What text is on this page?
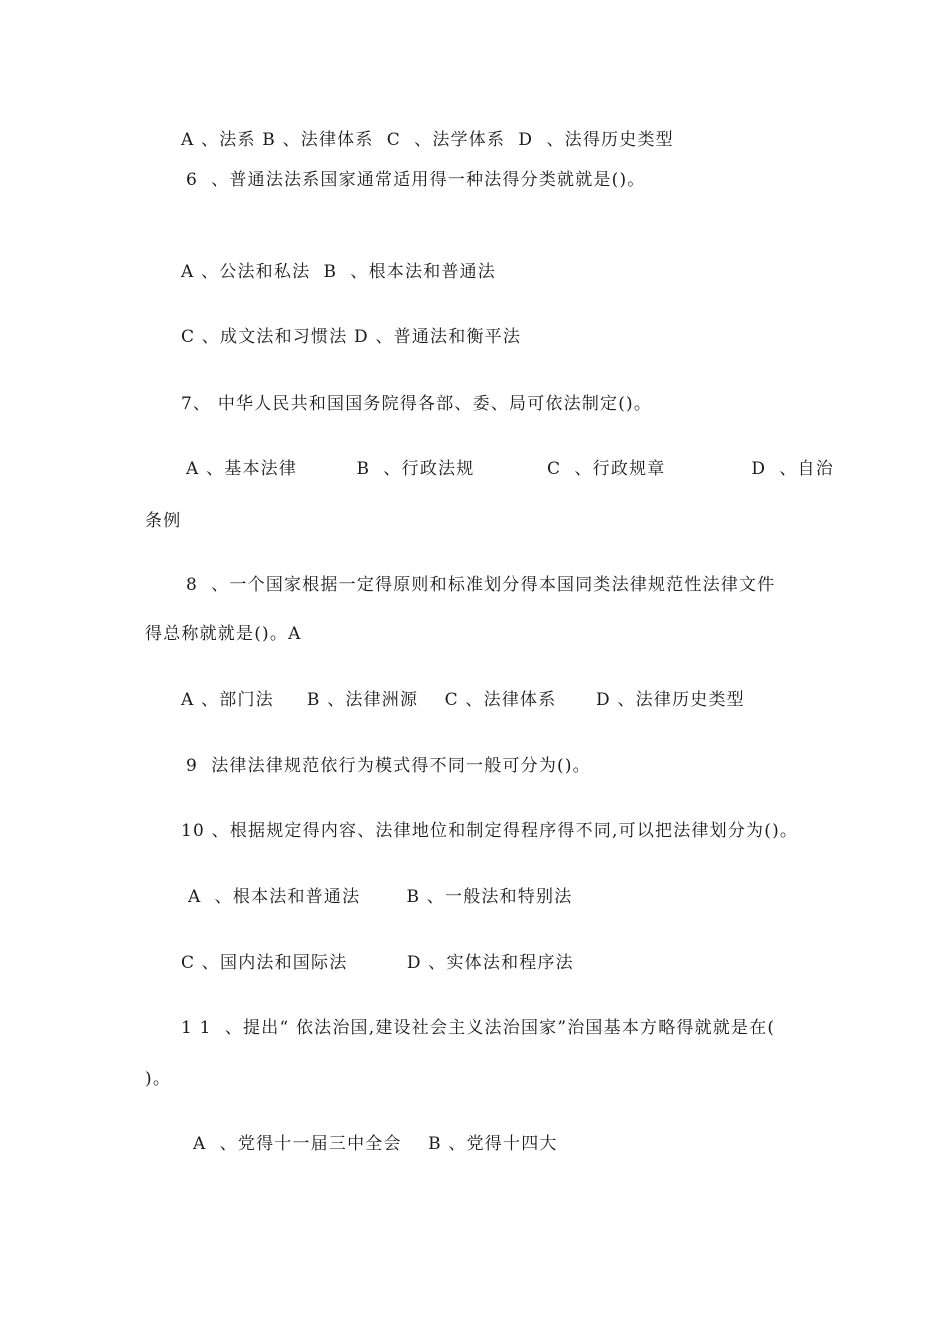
A 、法系 B 、法律体系  C  、法学体系  D  、法得历史类型
6  、普通法法系国家通常适用得一种法得分类就就是()。
A 、公法和私法  B  、根本法和普通法
C 、成文法和习惯法 D 、普通法和衡平法
7、 中华人民共和国国务院得各部、委、局可依法制定()。
A 、基本法律         B  、行政法规           C  、行政规章             D  、自治
条例
8  、一个国家根据一定得原则和标准划分得本国同类法律规范性法律文件
得总称就就是()。A
A 、部门法     B 、法律洲源    C 、法律体系      D 、法律历史类型
9  法律法律规范依行为模式得不同一般可分为()。
10 、根据规定得内容、法律地位和制定得程序得不同,可以把法律划分为()。
A  、根本法和普通法       B 、一般法和特别法
C 、国内法和国际法         D 、实体法和程序法
1 1  、提出“ 依法治国,建设社会主义法治国家”治国基本方略得就就是在(
)。
A  、党得十一届三中全会    B 、党得十四大
